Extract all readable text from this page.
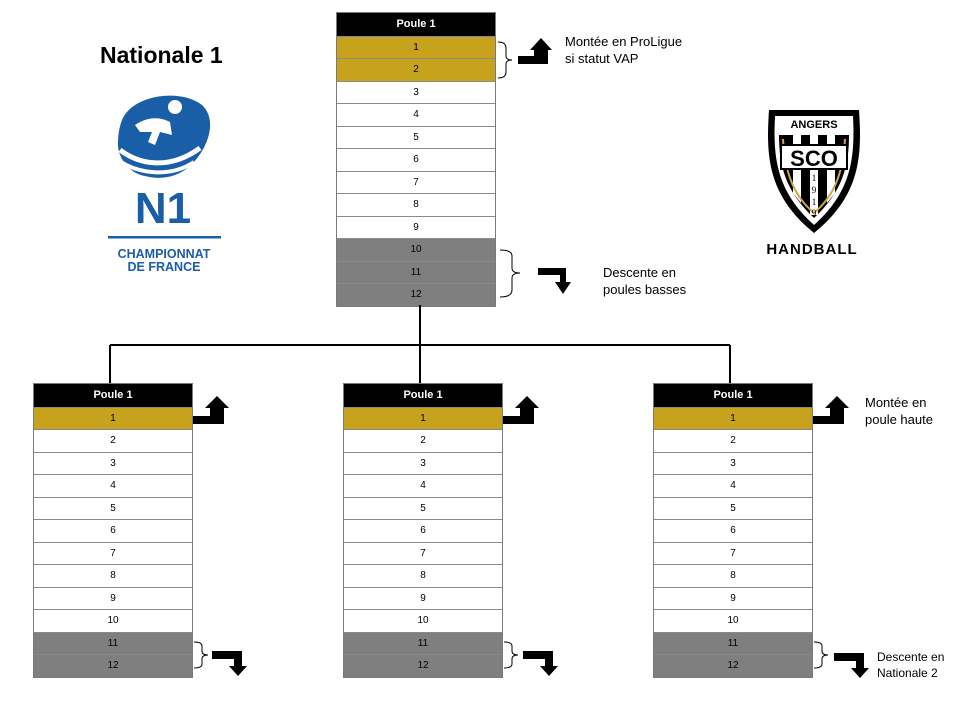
Nationale 1
N1
CHAMPIONNAT
DE FRANCE
ANGERS
SCO
1
9
1
9
HANDBALL
Poule 1
1
2
3
4
5
6
7
8
9
10
11
12
Poule 1
1
2
3
4
5
6
7
8
9
10
11
12
Poule 1
1
2
3
4
5
6
7
8
9
10
11
12
Poule 1
1
2
3
4
5
6
7
8
9
10
11
12
Montée en ProLigue
si statut VAP
Descente en
poules basses
Montée en
poule haute
Descente en
Nationale 2
